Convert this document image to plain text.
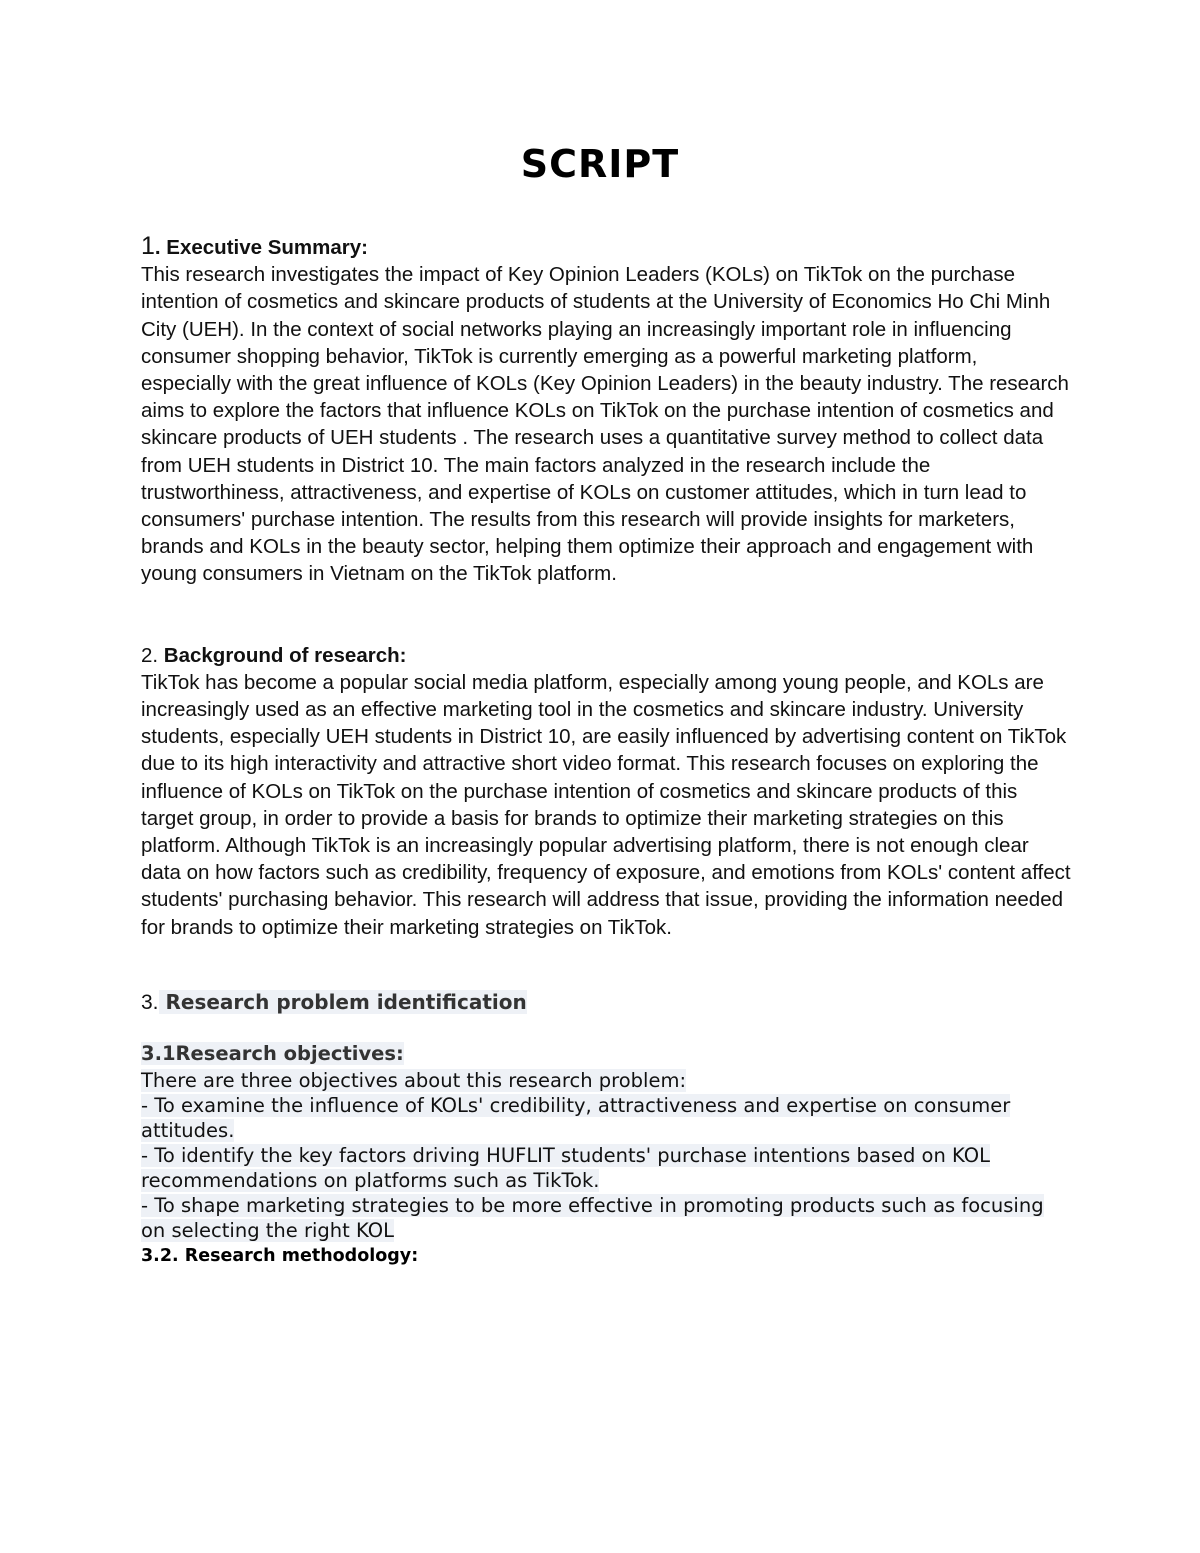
SCRIPT
1. Executive Summary:

This research investigates the impact of Key Opinion Leaders (KOLs) on TikTok on the purchase intention of cosmetics and skincare products of students at the University of Economics Ho Chi Minh City (UEH). In the context of social networks playing an increasingly important role in influencing consumer shopping behavior, TikTok is currently emerging as a powerful marketing platform, especially with the great influence of KOLs (Key Opinion Leaders) in the beauty industry. The research aims to explore the factors that influence KOLs on TikTok on the purchase intention of cosmetics and skincare products of UEH students . The research uses a quantitative survey method to collect data from UEH students in District 10. The main factors analyzed in the research include the trustworthiness, attractiveness, and expertise of KOLs on customer attitudes, which in turn lead to consumers' purchase intention. The results from this research will provide insights for marketers, brands and KOLs in the beauty sector, helping them optimize their approach and engagement with young consumers in Vietnam on the TikTok platform.

2. Background of research:

TikTok has become a popular social media platform, especially among young people, and KOLs are increasingly used as an effective marketing tool in the cosmetics and skincare industry. University students, especially UEH students in District 10, are easily influenced by advertising content on TikTok due to its high interactivity and attractive short video format. This research focuses on exploring the influence of KOLs on TikTok on the purchase intention of cosmetics and skincare products of this target group, in order to provide a basis for brands to optimize their marketing strategies on this platform. Although TikTok is an increasingly popular advertising platform, there is not enough clear data on how factors such as credibility, frequency of exposure, and emotions from KOLs' content affect students' purchasing behavior. This research will address that issue, providing the information needed for brands to optimize their marketing strategies on TikTok.

3. Research problem identification
3.1Research objectives:

There are three objectives about this research problem:

- To examine the influence of KOLs' credibility, attractiveness and expertise on consumer attitudes.

- To identify the key factors driving HUFLIT students' purchase intentions based on KOL recommendations on platforms such as TikTok.

- To shape marketing strategies to be more effective in promoting products such as focusing on selecting the right KOL

3.2. Research methodology:
